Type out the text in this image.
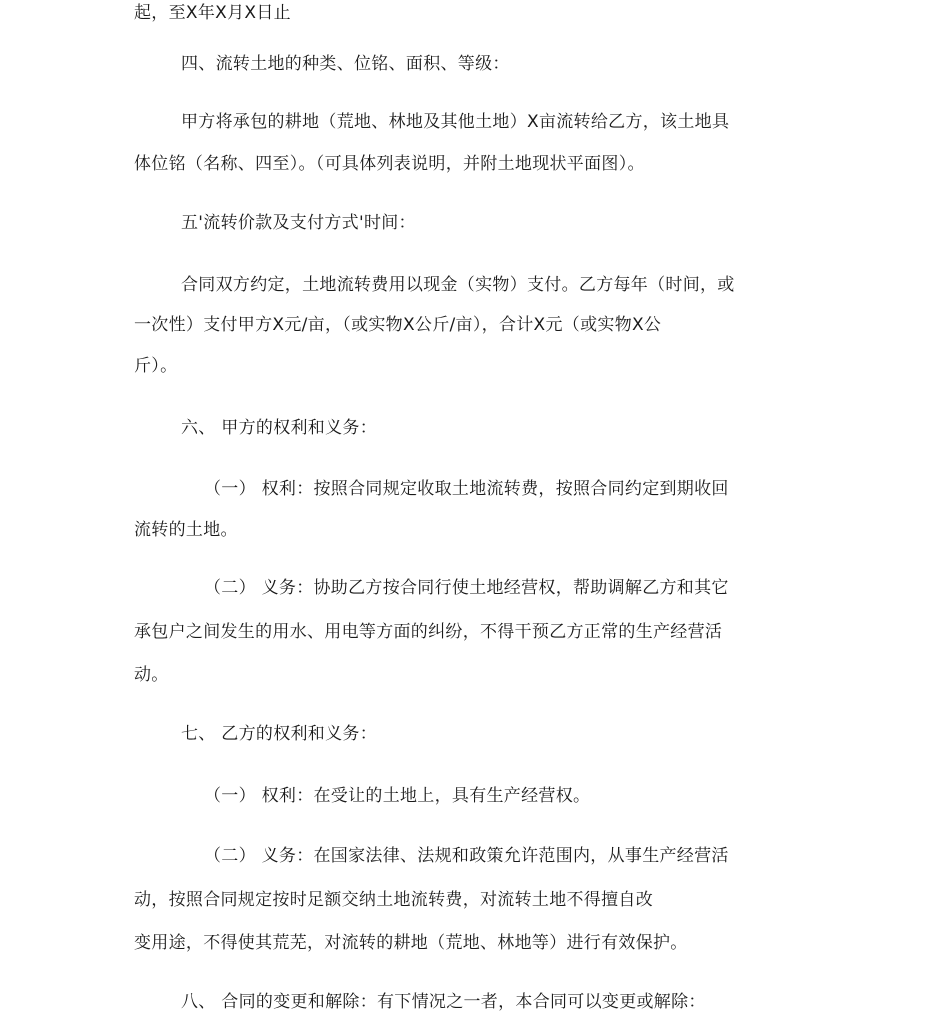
起，至X年X月X日止
四、流转土地的种类、位铭、面积、等级：
甲方将承包的耕地（荒地、林地及其他土地）X亩流转给乙方，该土地具
体位铭（名称、四至）。（可具体列表说明，并附土地现状平面图）。
五'流转价款及支付方式'时间：
合同双方约定，土地流转费用以现金（实物）支付。乙方每年（时间，或
一次性）支付甲方X元/亩，（或实物X公斤/亩），合计X元（或实物X公
斤）。
六、 甲方的权利和义务：
（一） 权利：按照合同规定收取土地流转费，按照合同约定到期收回
流转的土地。
（二） 义务：协助乙方按合同行使土地经营权，帮助调解乙方和其它
承包户之间发生的用水、用电等方面的纠纷，不得干预乙方正常的生产经营活
动。
七、 乙方的权利和义务：
（一） 权利：在受让的土地上，具有生产经营权。
（二） 义务：在国家法律、法规和政策允许范围内，从事生产经营活
动，按照合同规定按时足额交纳土地流转费，对流转土地不得擅自改
变用途，不得使其荒芜，对流转的耕地（荒地、林地等）进行有效保护。
八、 合同的变更和解除：有下情况之一者，本合同可以变更或解除：
